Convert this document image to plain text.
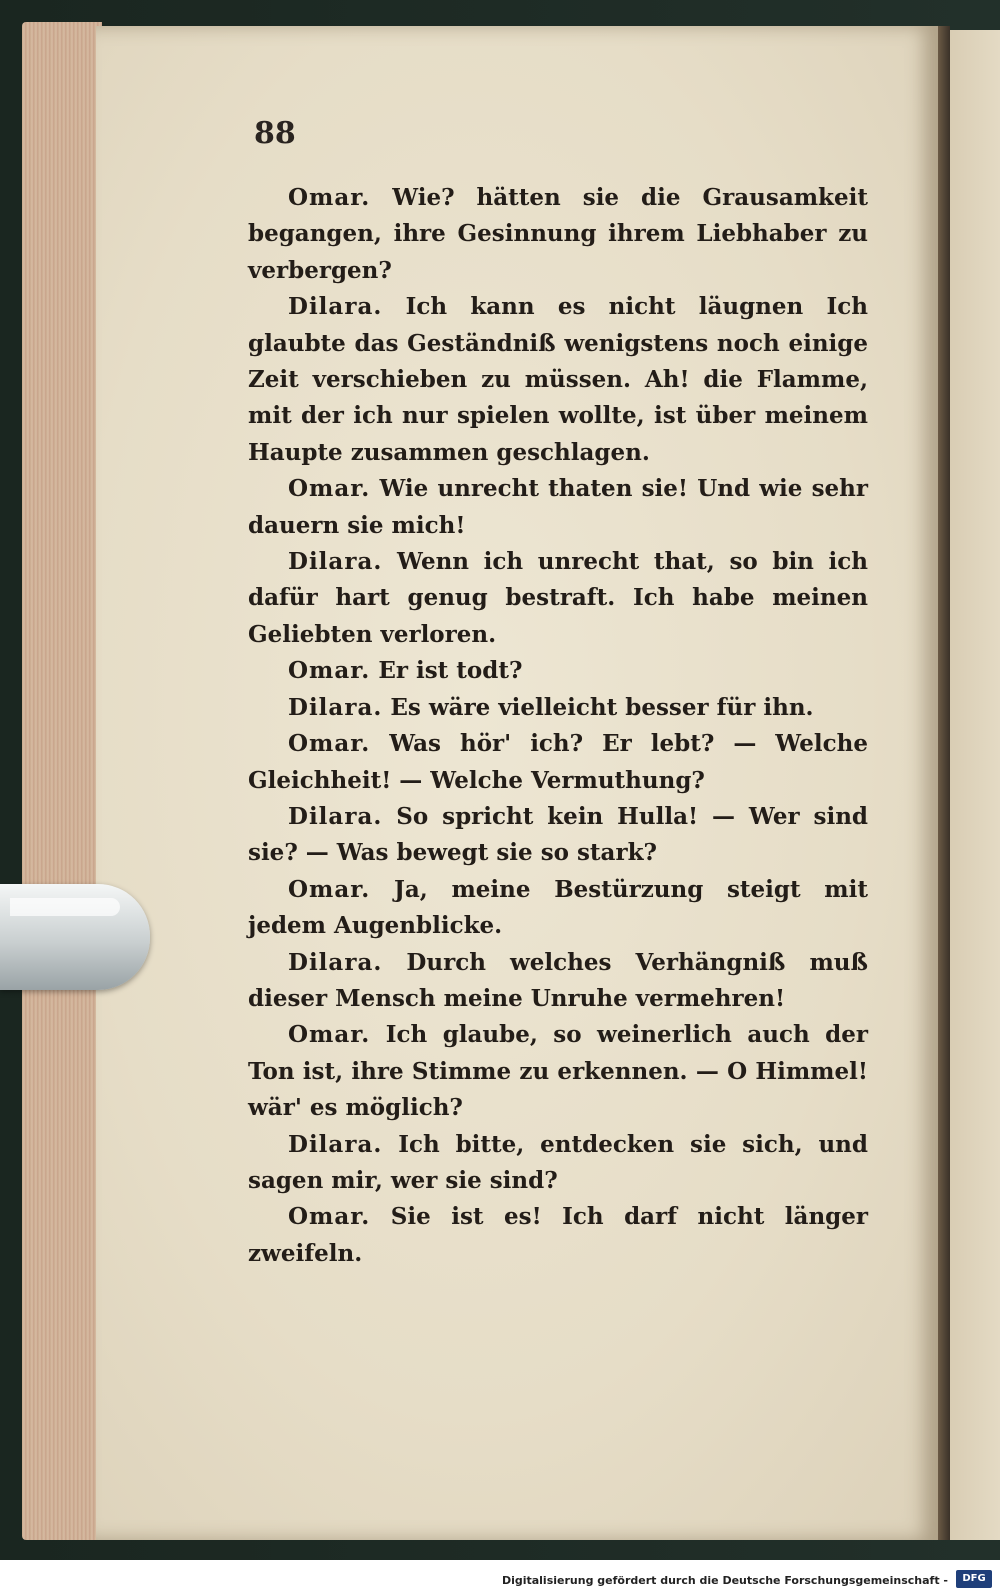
88

Omar. Wie? hätten sie die Grausamkeit begangen, ihre Gesinnung ihrem Liebhaber zu verbergen?

Dilara. Ich kann es nicht läugnen Ich glaubte das Geständniß wenigstens noch einige Zeit verschieben zu müssen. Ah! die Flamme, mit der ich nur spielen wollte, ist über meinem Haupte zusammen geschlagen.

Omar. Wie unrecht thaten sie! Und wie sehr dauern sie mich!

Dilara. Wenn ich unrecht that, so bin ich dafür hart genug bestraft. Ich habe meinen Geliebten verloren.

Omar. Er ist todt?

Dilara. Es wäre vielleicht besser für ihn.

Omar. Was hör' ich? Er lebt? — Welche Gleichheit! — Welche Vermuthung?

Dilara. So spricht kein Hulla! — Wer sind sie? — Was bewegt sie so stark?

Omar. Ja, meine Bestürzung steigt mit jedem Augenblicke.

Dilara. Durch welches Verhängniß muß dieser Mensch meine Unruhe vermehren!

Omar. Ich glaube, so weinerlich auch der Ton ist, ihre Stimme zu erkennen. — O Himmel! wär' es möglich?

Dilara. Ich bitte, entdecken sie sich, und sagen mir, wer sie sind?

Omar. Sie ist es! Ich darf nicht länger zweifeln.

Digitalisierung gefördert durch die Deutsche Forschungsgemeinschaft -	DFG
